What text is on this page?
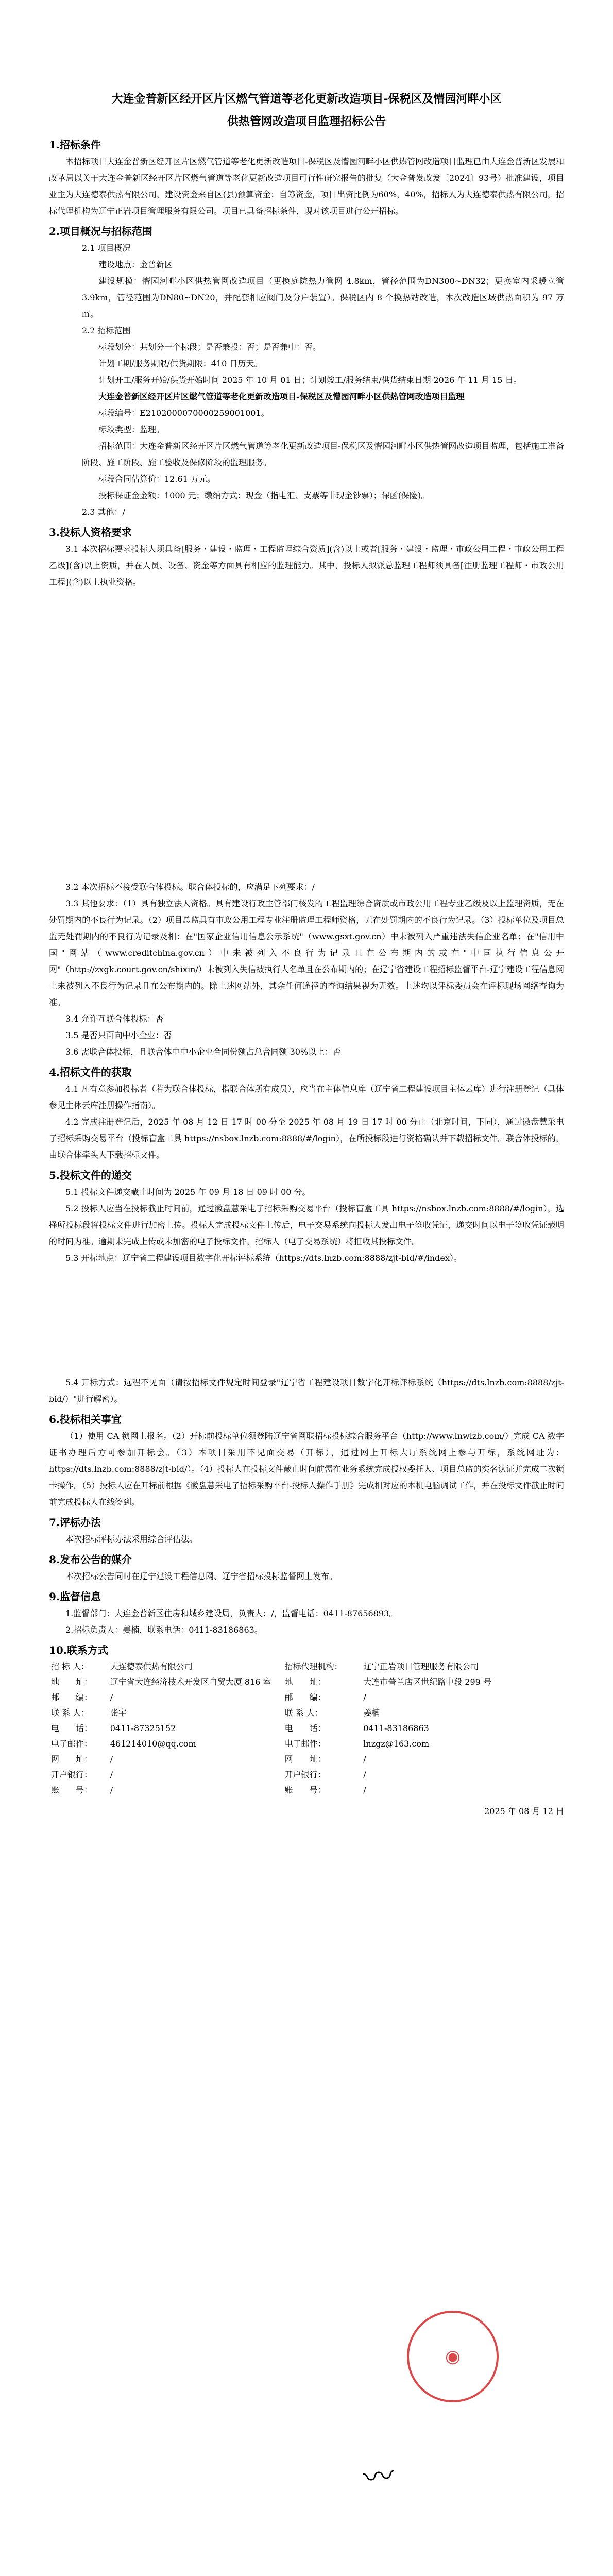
大连金普新区经开区片区燃气管道等老化更新改造项目-保税区及懵园河畔小区
供热管网改造项目监理招标公告
1.招标条件
本招标项目大连金普新区经开区片区燃气管道等老化更新改造项目-保税区及懵园河畔小区供热管网改造项目监理已由大连金普新区发展和改革局以关于大连金普新区经开区片区燃气管道等老化更新改造项目可行性研究报告的批复（大金普发改发〔2024〕93号）批准建设，项目业主为大连德泰供热有限公司，建设资金来自区(县)预算资金；自筹资金，项目出资比例为60%，40%，招标人为大连德泰供热有限公司，招标代理机构为辽宁正岩项目管理服务有限公司。项目已具备招标条件，现对该项目进行公开招标。
2.项目概况与招标范围
2.1 项目概况
建设地点：金普新区
建设规模：懵园河畔小区供热管网改造项目（更换庭院热力管网 4.8km，管径范围为DN300~DN32；更换室内采暖立管 3.9km，管径范围为DN80~DN20，并配套相应阀门及分户装置）。保税区内 8 个换热站改造，本次改造区域供热面积为 97 万㎡。
2.2 招标范围
标段划分：共划分一个标段；是否兼投：否；是否兼中：否。
计划工期/服务期限/供货期限：410 日历天。
计划开工/服务开始/供货开始时间 2025 年 10 月 01 日；计划竣工/服务结束/供货结束日期 2026 年 11 月 15 日。
大连金普新区经开区片区燃气管道等老化更新改造项目-保税区及懵园河畔小区供热管网改造项目监理
标段编号：E2102000070000259001001。
标段类型：监理。
招标范围：大连金普新区经开区片区燃气管道等老化更新改造项目-保税区及懵园河畔小区供热管网改造项目监理，包括施工准备阶段、施工阶段、施工验收及保修阶段的监理服务。
标段合同估算价：12.61 万元。
投标保证金金额：1000 元；缴纳方式：现金（指电汇、支票等非现金钞票）；保函(保险)。
2.3 其他：/
3.投标人资格要求
3.1 本次招标要求投标人须具备[服务・建设・监理・工程监理综合资质](含)以上或者[服务・建设・监理・市政公用工程・市政公用工程乙级](含)以上资质，并在人员、设备、资金等方面具有相应的监理能力。其中，投标人拟派总监理工程师须具备[注册监理工程师・市政公用工程](含)以上执业资格。
3.2 本次招标不接受联合体投标。联合体投标的，应满足下列要求：/
3.3 其他要求：（1）具有独立法人资格。具有建设行政主管部门核发的工程监理综合资质或市政公用工程专业乙级及以上监理资质，无在处罚期内的不良行为记录。（2）项目总监具有市政公用工程专业注册监理工程师资格，无在处罚期内的不良行为记录。（3）投标单位及项目总监无处罚期内的不良行为记录及相：在"国家企业信用信息公示系统"（www.gsxt.gov.cn）中未被列入严重违法失信企业名单；在"信用中国"网站（www.creditchina.gov.cn）中未被列入不良行为记录且在公布期内的或在"中国执行信息公开网"（http://zxgk.court.gov.cn/shixin/）未被列入失信被执行人名单且在公布期内的；在辽宁省建设工程招标监督平台-辽宁建设工程信息网上未被列入不良行为记录且在公布期内的。除上述网站外，其余任何途径的查询结果视为无效。上述均以评标委员会在评标现场网络查询为准。
3.4 允许互联合体投标：否
3.5 是否只面向中小企业：否
3.6 需联合体投标，且联合体中中小企业合同份额占总合同额 30%以上：否
4.招标文件的获取
4.1 凡有意参加投标者（若为联合体投标，指联合体所有成员），应当在主体信息库（辽宁省工程建设项目主体云库）进行注册登记（具体参见主体云库注册操作指南）。
4.2 完成注册登记后，2025 年 08 月 12 日 17 时 00 分至 2025 年 08 月 19 日 17 时 00 分止（北京时间，下同），通过徽盘慧采电子招标采购交易平台（投标盲盒工具 https://nsbox.lnzb.com:8888/#/login），在所投标段进行资格确认并下载招标文件。联合体投标的，由联合体牵头人下载招标文件。
5.投标文件的递交
5.1 投标文件递交截止时间为 2025 年 09 月 18 日 09 时 00 分。
5.2 投标人应当在投标截止时间前，通过徽盘慧采电子招标采购交易平台（投标盲盒工具 https://nsbox.lnzb.com:8888/#/login），选择所投标段将投标文件进行加密上传。投标人完成投标文件上传后，电子交易系统向投标人发出电子签收凭证，递交时间以电子签收凭证载明的时间为准。逾期未完成上传或未加密的电子投标文件，招标人（电子交易系统）将拒收其投标文件。
5.3 开标地点：辽宁省工程建设项目数字化开标评标系统（https://dts.lnzb.com:8888/zjt-bid/#/index）。
5.4 开标方式：远程不见面（请按招标文件规定时间登录"辽宁省工程建设项目数字化开标评标系统（https://dts.lnzb.com:8888/zjt-bid/）"进行解密）。
6.投标相关事宜
（1）使用 CA 锁网上报名。（2）开标前投标单位须登陆辽宁省网联招标投标综合服务平台（http://www.lnwlzb.com/）完成 CA 数字证书办理后方可参加开标会。（3）本项目采用不见面交易（开标），通过网上开标大厅系统网上参与开标，系统网址为：https://dts.lnzb.com:8888/zjt-bid/）。（4）投标人在投标文件截止时间前需在业务系统完成授权委托人、项目总监的实名认证并完成二次锁卡操作。（5）投标人应在开标前根据《徽盘慧采电子招标采购平台-投标人操作手册》完成相对应的本机电脑调试工作，并在投标文件截止时间前完成投标人在线签到。
7.评标办法
本次招标评标办法采用综合评估法。
8.发布公告的媒介
本次招标公告同时在辽宁建设工程信息网、辽宁省招标投标监督网上发布。
9.监督信息
1.监督部门：大连金普新区住房和城乡建设局，负责人：/，监督电话：0411-87656893。
2.招标负责人：姜楠，联系电话：0411-83186863。
10.联系方式
招 标 人：	大连德泰供热有限公司	招标代理机构：	辽宁正岩项目管理服务有限公司
地　　址：	辽宁省大连经济技术开发区自贸大厦 816 室	地　　址：	大连市普兰店区世纪路中段 299 号
邮　　编：	/	邮　　编：	/
联 系 人：	张宇	联 系 人：	姜楠
电　　话：	0411-87325152	电　　话：	0411-83186863
电子邮件：	461214010@qq.com	电子邮件：	lnzgz@163.com
网　　址：	/	网　　址：	/
开户银行：	/	开户银行：	/
账　　号：	/	账　　号：	/
2025 年 08 月 12 日
◉
〰
